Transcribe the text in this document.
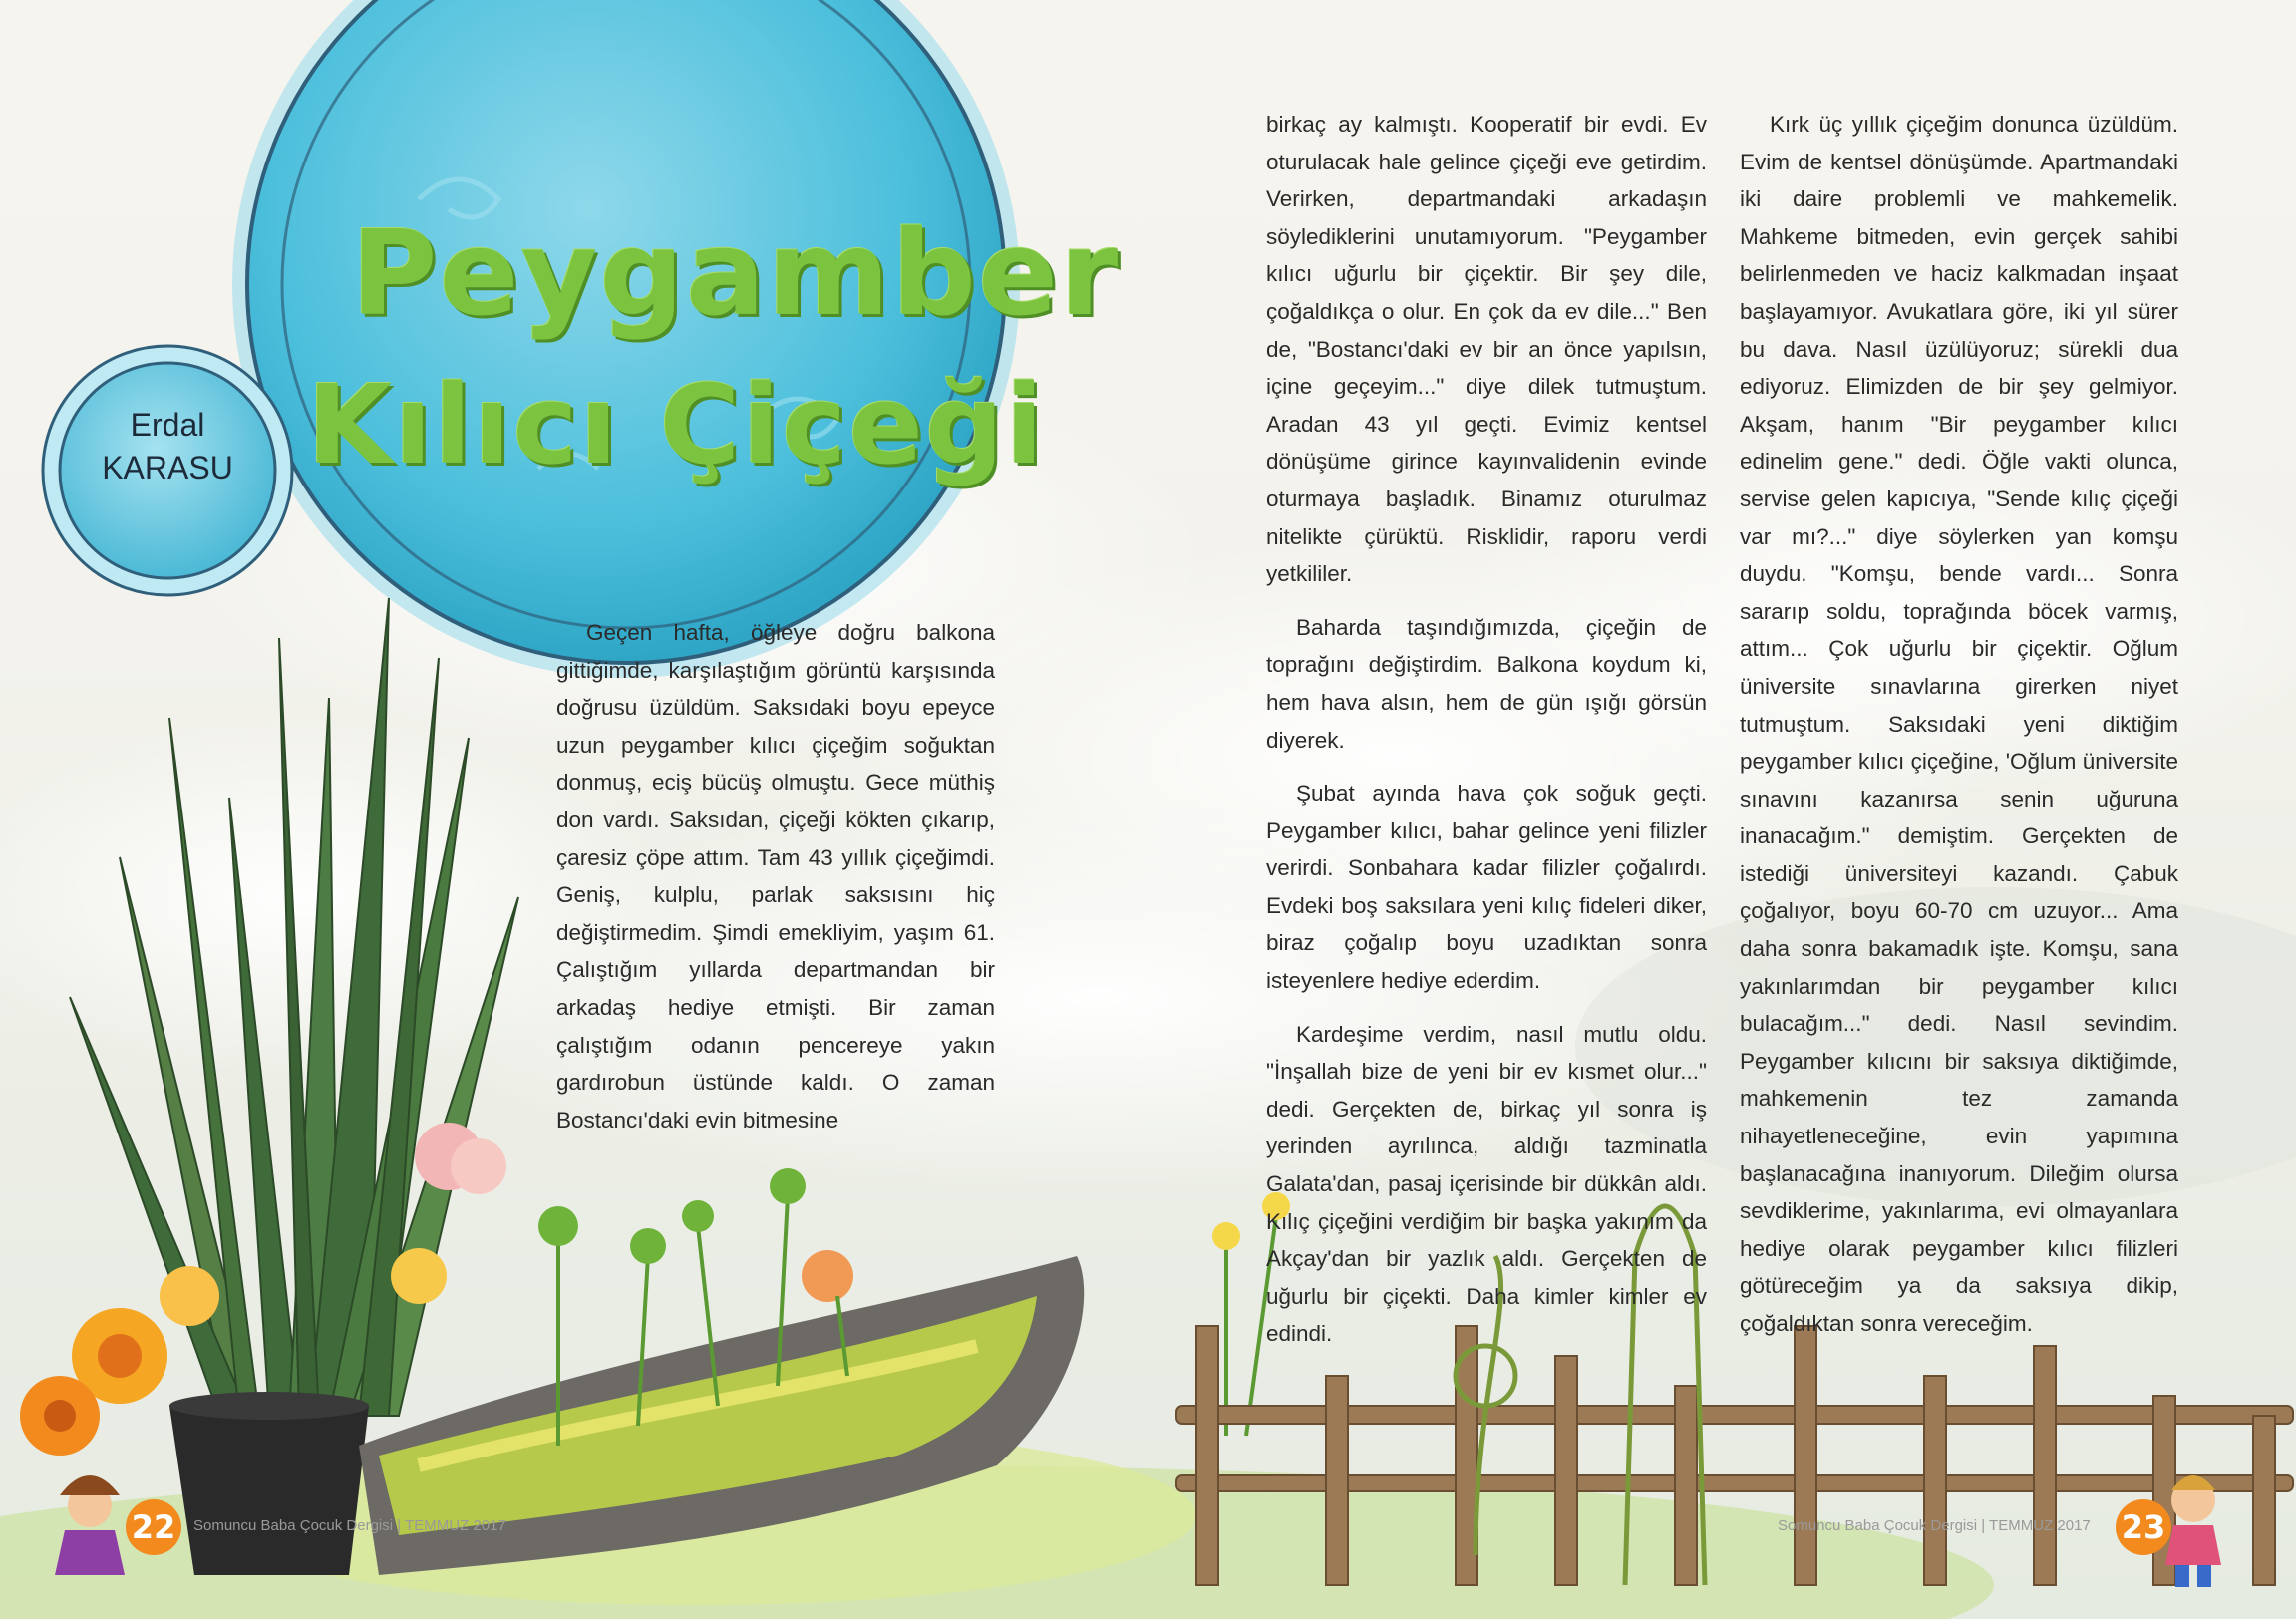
Peygamber
Kılıcı Çiçeği
Erdal
KARASU

Geçen hafta, öğleye doğru balkona gittiğimde, karşılaştığım görüntü karşısında doğrusu üzüldüm. Saksıdaki boyu epeyce uzun peygamber kılıcı çiçeğim soğuktan donmuş, eciş bücüş olmuştu. Gece müthiş don vardı. Saksıdan, çiçeği kökten çıkarıp, çaresiz çöpe attım. Tam 43 yıllık çiçeğimdi. Geniş, kulplu, parlak saksısını hiç değiştirmedim. Şimdi emekliyim, yaşım 61. Çalıştığım yıllarda departmandan bir arkadaş hediye etmişti. Bir zaman çalıştığım odanın pencereye yakın gardırobun üstünde kaldı. O zaman Bostancı'daki evin bitmesine

birkaç ay kalmıştı. Kooperatif bir evdi. Ev oturulacak hale gelince çiçeği eve getirdim. Verirken, departmandaki arkadaşın söylediklerini unutamıyorum. "Peygamber kılıcı uğurlu bir çiçektir. Bir şey dile, çoğaldıkça o olur. En çok da ev dile..." Ben de, "Bostancı'daki ev bir an önce yapılsın, içine geçeyim..." diye dilek tutmuştum. Aradan 43 yıl geçti. Evimiz kentsel dönüşüme girince kayınvalidenin evinde oturmaya başladık. Binamız oturulmaz nitelikte çürüktü. Risklidir, raporu verdi yetkililer.

Baharda taşındığımızda, çiçeğin de toprağını değiştirdim. Balkona koydum ki, hem hava alsın, hem de gün ışığı görsün diyerek.

Şubat ayında hava çok soğuk geçti. Peygamber kılıcı, bahar gelince yeni filizler verirdi. Sonbahara kadar filizler çoğalırdı. Evdeki boş saksılara yeni kılıç fideleri diker, biraz çoğalıp boyu uzadıktan sonra isteyenlere hediye ederdim.

Kardeşime verdim, nasıl mutlu oldu. "İnşallah bize de yeni bir ev kısmet olur..." dedi. Gerçekten de, birkaç yıl sonra iş yerinden ayrılınca, aldığı tazminatla Galata'dan, pasaj içerisinde bir dükkân aldı. Kılıç çiçeğini verdiğim bir başka yakınım da Akçay'dan bir yazlık aldı. Gerçekten de uğurlu bir çiçekti. Daha kimler kimler ev edindi.

Kırk üç yıllık çiçeğim donunca üzüldüm. Evim de kentsel dönüşümde. Apartmandaki iki daire problemli ve mahkemelik. Mahkeme bitmeden, evin gerçek sahibi belirlenmeden ve haciz kalkmadan inşaat başlayamıyor. Avukatlara göre, iki yıl sürer bu dava. Nasıl üzülüyoruz; sürekli dua ediyoruz. Elimizden de bir şey gelmiyor. Akşam, hanım "Bir peygamber kılıcı edinelim gene." dedi. Öğle vakti olunca, servise gelen kapıcıya, "Sende kılıç çiçeği var mı?..." diye söylerken yan komşu duydu. "Komşu, bende vardı... Sonra sararıp soldu, toprağında böcek varmış, attım... Çok uğurlu bir çiçektir. Oğlum üniversite sınavlarına girerken niyet tutmuştum. Saksıdaki yeni diktiğim peygamber kılıcı çiçeğine, 'Oğlum üniversite sınavını kazanırsa senin uğuruna inanacağım." demiştim. Gerçekten de istediği üniversiteyi kazandı. Çabuk çoğalıyor, boyu 60-70 cm uzuyor... Ama daha sonra bakamadık işte. Komşu, sana yakınlarımdan bir peygamber kılıcı bulacağım..." dedi. Nasıl sevindim. Peygamber kılıcını bir saksıya diktiğimde, mahkemenin tez zamanda nihayetleneceğine, evin yapımına başlanacağına inanıyorum. Dileğim olursa sevdiklerime, yakınlarıma, evi olmayanlara hediye olarak peygamber kılıcı filizleri götüreceğim ya da saksıya dikip, çoğaldıktan sonra vereceğim.

22	Somuncu Baba Çocuk Dergisi | TEMMUZ 2017	Somuncu Baba Çocuk Dergisi | TEMMUZ 2017 23
